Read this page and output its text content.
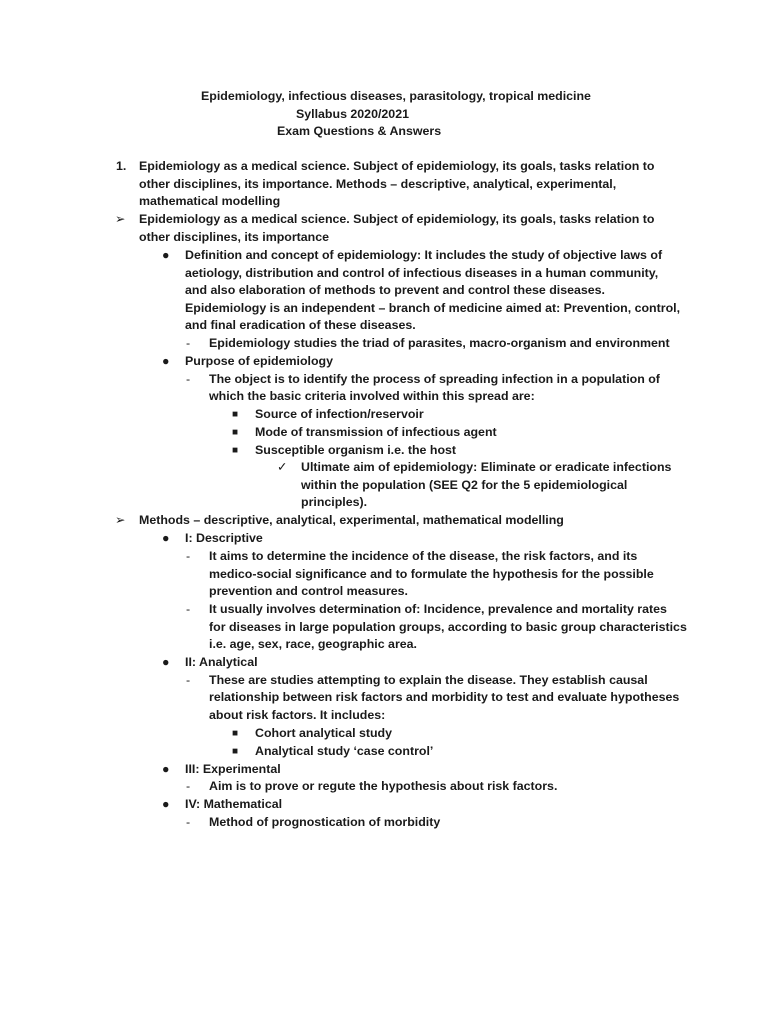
Epidemiology, infectious diseases, parasitology, tropical medicine
Syllabus 2020/2021
Exam Questions & Answers
1. Epidemiology as a medical science. Subject of epidemiology, its goals, tasks relation to
other disciplines, its importance. Methods – descriptive, analytical, experimental,
mathematical modelling
➢ Epidemiology as a medical science. Subject of epidemiology, its goals, tasks relation to
other disciplines, its importance
● Definition and concept of epidemiology: It includes the study of objective laws of
aetiology, distribution and control of infectious diseases in a human community,
and also elaboration of methods to prevent and control these diseases.
Epidemiology is an independent – branch of medicine aimed at: Prevention, control,
and final eradication of these diseases.
- Epidemiology studies the triad of parasites, macro-organism and environment
● Purpose of epidemiology
- The object is to identify the process of spreading infection in a population of
which the basic criteria involved within this spread are:
■ Source of infection/reservoir
■ Mode of transmission of infectious agent
■ Susceptible organism i.e. the host
✓ Ultimate aim of epidemiology: Eliminate or eradicate infections
within the population (SEE Q2 for the 5 epidemiological
principles).
➢ Methods – descriptive, analytical, experimental, mathematical modelling
● I: Descriptive
- It aims to determine the incidence of the disease, the risk factors, and its
medico-social significance and to formulate the hypothesis for the possible
prevention and control measures.
- It usually involves determination of: Incidence, prevalence and mortality rates
for diseases in large population groups, according to basic group characteristics
i.e. age, sex, race, geographic area.
● II: Analytical
- These are studies attempting to explain the disease. They establish causal
relationship between risk factors and morbidity to test and evaluate hypotheses
about risk factors. It includes:
■ Cohort analytical study
■ Analytical study ‘case control’
● III: Experimental
- Aim is to prove or regute the hypothesis about risk factors.
● IV: Mathematical
- Method of prognostication of morbidity
